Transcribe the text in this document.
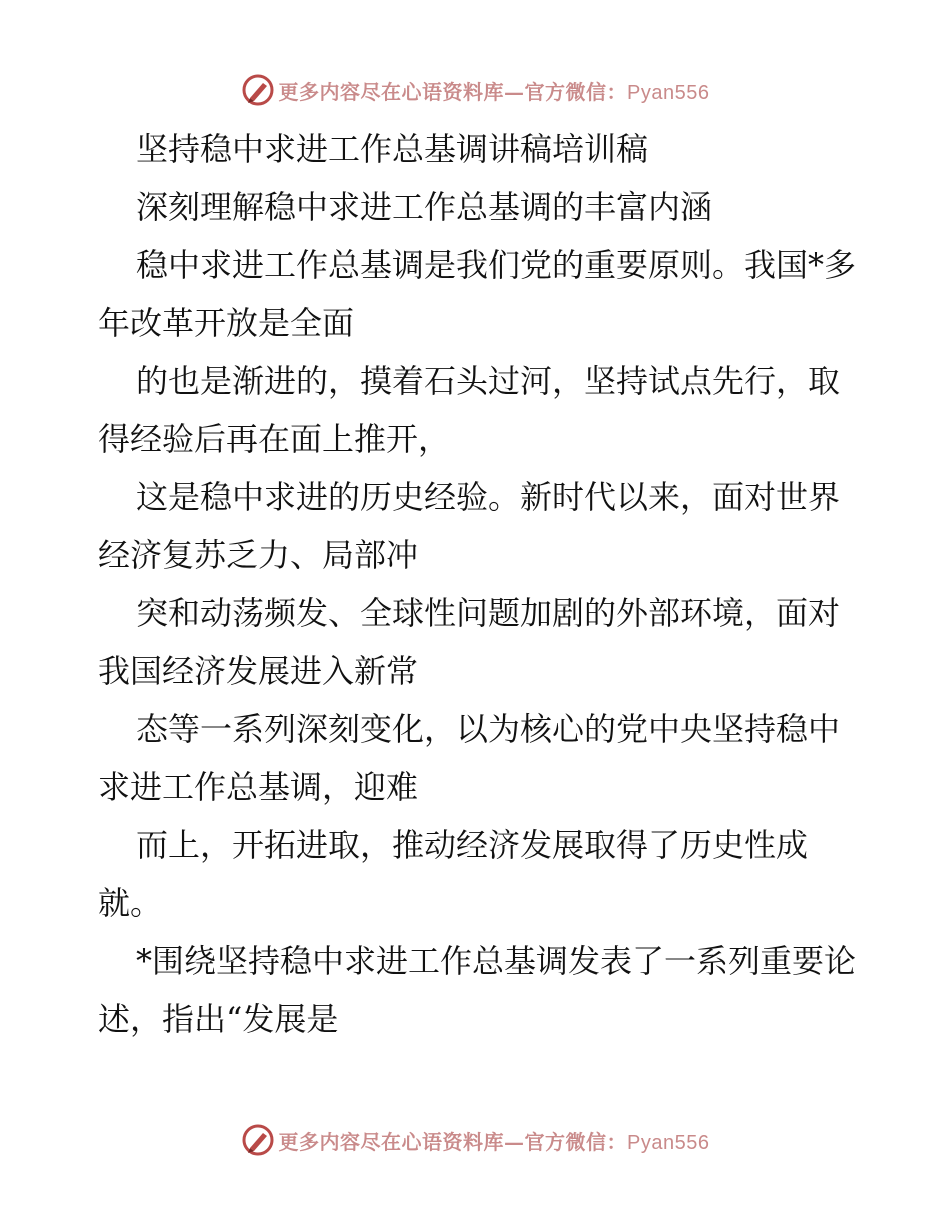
更多内容尽在心语资料库—官方微信：Pyan556

坚持稳中求进工作总基调讲稿培训稿

深刻理解稳中求进工作总基调的丰富内涵

稳中求进工作总基调是我们党的重要原则。我国*多年改革开放是全面

的也是渐进的，摸着石头过河，坚持试点先行，取得经验后再在面上推开，

这是稳中求进的历史经验。新时代以来，面对世界经济复苏乏力、局部冲

突和动荡频发、全球性问题加剧的外部环境，面对我国经济发展进入新常

态等一系列深刻变化，以为核心的党中央坚持稳中求进工作总基调，迎难

而上，开拓进取，推动经济发展取得了历史性成就。

*围绕坚持稳中求进工作总基调发表了一系列重要论述，指出“发展是

更多内容尽在心语资料库—官方微信：Pyan556
